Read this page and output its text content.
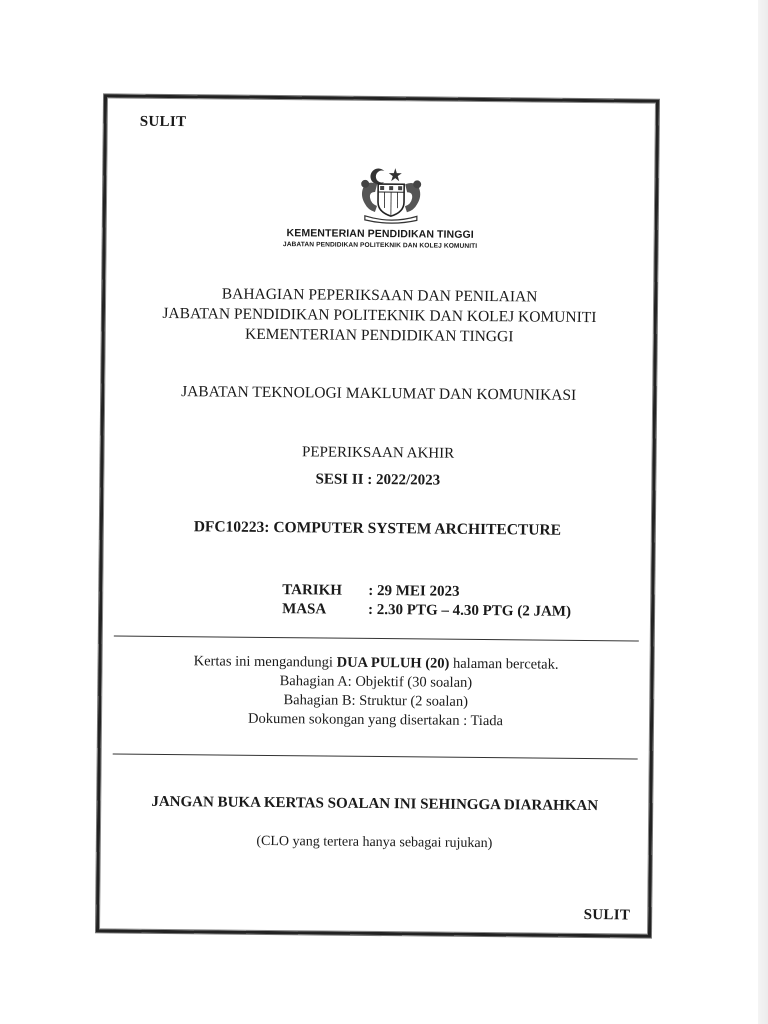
SULIT
KEMENTERIAN PENDIDIKAN TINGGI
JABATAN PENDIDIKAN POLITEKNIK DAN KOLEJ KOMUNITI
BAHAGIAN PEPERIKSAAN DAN PENILAIAN
JABATAN PENDIDIKAN POLITEKNIK DAN KOLEJ KOMUNITI
KEMENTERIAN PENDIDIKAN TINGGI
JABATAN TEKNOLOGI MAKLUMAT DAN KOMUNIKASI
PEPERIKSAAN AKHIR
SESI II : 2022/2023
DFC10223: COMPUTER SYSTEM ARCHITECTURE
TARIKH	: 29 MEI 2023
MASA	: 2.30 PTG – 4.30 PTG (2 JAM)
Kertas ini mengandungi DUA PULUH (20) halaman bercetak.
Bahagian A: Objektif (30 soalan)
Bahagian B: Struktur (2 soalan)
Dokumen sokongan yang disertakan : Tiada
JANGAN BUKA KERTAS SOALAN INI SEHINGGA DIARAHKAN
(CLO yang tertera hanya sebagai rujukan)
SULIT
